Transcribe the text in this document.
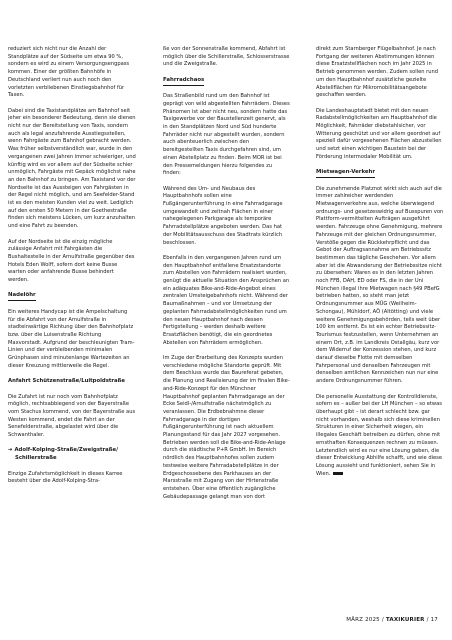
reduziert sich nicht nur die Anzahl der Standplätze auf der Südseite um etwa 90 %, sondern es wird zu einem Versorgungsengpass kommen. Einer der größten Bahnhöfe in Deutschland verliert nun auch noch den vorletzten verbliebenen Einstiegsbahnhof für Taxen.

Dabei sind die Taxistandplätze am Bahnhof seit jeher ein besonderer Bedeutung, denn sie dienen nicht nur der Bereitstellung von Taxis, sondern auch als legal anzufahrende Ausstiegsstellen, wenn Fahrgäste zum Bahnhof gebracht werden. Was früher selbstverständlich war, wurde in den vergangenen zwei Jahren immer schwieriger, und künftig wird es vor allem auf der Südseite schier unmöglich, Fahrgäste mit Gepäck möglichst nahe an den Bahnhof zu bringen. Am Taxistand vor der Nordseite ist das Aussteigen von Fahrgästen in der Regel nicht möglich, und am Seefelder-Stand ist es den meisten Kunden viel zu weit. Lediglich auf den ersten 50 Metern in der Goethestraße finden sich meistens Lücken, um kurz anzuhalten und eine Fahrt zu beenden.

Auf der Nordseite ist die einzig mögliche zulässige Anfahrt mit Fahrgästen die Bushaltestelle in der Arnulfstraße gegenüber des Hotels Eden Wolff, sofern dort keine Busse warten oder anfahrende Busse behindert werden.

Nadelöhr

Ein weiteres Handycap ist die Ampelschaltung für die Abfahrt von der Arnulfstraße in stadteinwärtige Richtung über den Bahnhofplatz bzw. über die Luisenstraße Richtung Maxvorstadt. Aufgrund der beschleunigten Tram-Linien und der verbleibenden minimalen Grünphasen sind minutenlange Wartezeiten an dieser Kreuzung mittlerweile die Regel.

Anfahrt Schützenstraße/Luitpoldstraße

Die Zufahrt ist nur noch vom Bahnhofplatz möglich, rechtsabbiegend von der Bayerstraße vom Stachus kommend, von der Bayerstraße aus Westen kommend, endet die Fahrt an der Senefelderstraße, abgelastet wird über die Schwanthaler.

➔ Adolf-Kolping-Straße/Zweigstraße/
Schillerstraße

Einzige Zufahrtsmöglichkeit in dieses Karree besteht über die Adolf-Kolping-Stra-

ße von der Sonnenstraße kommend, Abfahrt ist möglich über die Schillerstraße, Schlosserstrasse und die Zweigstraße.

Fahrradchaos

Das Straßenbild rund um den Bahnhof ist geprägt von wild abgestellten Fahrrädern. Dieses Phänomen ist aber nicht neu, sondern hatte das Taxigewerbe vor der Baustellenzeit genervt, als in den Standplätzen Nord und Süd hunderte Fahrräder nicht nur abgestellt wurden, sondern auch abenteuerlich zwischen den bereitgestellten Taxis durchgefahren sind, um einen Abstellplatz zu finden. Beim MOR ist bei den Pressemeldungen hierzu folgendes zu finden:

Während des Um- und Neubaus des Hauptbahnhofs sollen eine Fußgängerunterführung in eine Fahrradgarage umgewandelt und zeitnah Flächen in einer nahegelegenen Parkgarage als temporäre Fahrradstellplätze angeboten werden. Das hat der Mobilitätsausschuss des Stadtrats kürzlich beschlossen.

Ebenfalls in den vergangenen Jahren rund um den Hauptbahnhof entfallene Ersatzstandorte zum Abstellen von Fahrrädern realisiert wurden, genügt die aktuelle Situation den Ansprüchen an ein adäquates Bike-and-Ride-Angebot eines zentralen Umsteigebahnhofs nicht. Während der Baumaßnahmen – und vor Umsetzung der geplanten Fahrradabstellmöglichkeiten rund um den neuen Hauptbahnhof nach dessen Fertigstellung – werden deshalb weitere Ersatzflächen benötigt, die ein geordnetes Abstellen von Fahrrädern ermöglichen.

Im Zuge der Erarbeitung des Konzepts wurden verschiedene mögliche Standorte geprüft. Mit dem Beschluss wurde das Baureferat gebeten, die Planung und Realisierung der im finalen Bike-and-Ride-Konzept für den Münchner Hauptbahnhof geplanten Fahrradgarage an der Ecke Seidl-/Arnulfstraße nächstmöglich zu veranlassen. Die Erdbebnahmne dieser Fahrradgarage in der dortigen Fußgängerunterführung ist nach aktuellem Planungsstand für das Jahr 2027 vorgesehen. Betrieben werden soll die Bike-and-Ride-Anlage durch die städtische P+R GmbH. Im Bereich nördlich des Hauptbahnhofes sollen zudem testweise weitere Fahrradabstellplätze in der Erdgeschossebene des Parkhauses an der Marsstraße mit Zugang von der Hirtenstraße entstehen. Über eine öffentlich zugängliche Gebäudepassage gelangt man von dort

direkt zum Starnberger Flügelbahnhof. Je nach Fortgang der weiteren Abstimmungen können diese Ersatzstellflächen noch im Jahr 2025 in Betrieb genommen werden. Zudem sollen rund um den Hauptbahnhof zusätzliche gezielte Abstellflächen für Mikromobilitätsangebote geschaffen werden.

Die Landeshauptstadt bietet mit den neuen Radabstellmöglichkeiten am Hauptbahnhof die Möglichkeit, Fahrräder diebstahlsicher, vor Witterung geschützt und vor allem geordnet auf speziell dafür vorgesehenen Flächen abzustellen und setzt einen wichtigen Baustein bei der Förderung intermodaler Mobilität um.

Mietwagen-Verkehr

Die zunehmende Platznot wirkt sich auch auf die immer zahlreicher werdenden Mietwagenverkehre aus, welche überwiegend ordnungs- und gesetzeswidrig auf Busspuren von Plattform-vermittelten Aufträgen ausgeführt werden. Fahrzeuge ohne Genehmigung, mehrere Fahrzeuge mit der gleichen Ordnungsnummer, Verstöße gegen die Rückkehrpflicht und das Gebot der Auftragsannahme am Betriebssitz bestimmen das tägliche Geschehen. Vor allem aber ist die Abwanderung der Betriebssitze nicht zu übersehen: Waren es in den letzten Jahren noch FFB, DAH, ED oder FS, die in der Uni München illegal ihre Mietwagen nach §49 PBefG betrieben hatten, so steht man jetzt Ordnungsnummer aus MÜG (Weilheim-Schongau), Mühldorf, AÖ (Altötting) und viele weitere Genehmigungsbehörden, teils weit über 100 km entfernt. Es ist ein echter Betriebssitz-Tourismus festzustellen, wenn Unternehmen an einem Ort, z.B. im Landkreis Ostallgäu, kurz vor dem Widerruf der Konzession stehen, und kurz darauf dieselbe Flotte mit demselben Fahrpersonal und denselben Fahrzeugen mit denselben amtlichen Kennzeichen nun nur eine andere Ordnungsnummer führen.

Die personelle Ausstattung der Kontrolldienste, sofern es – außer bei der LH München – so etwas überhaupt gibt – ist derart schlecht bzw. gar nicht vorhanden, weshalb sich diese kriminellen Strukturen in einer Sicherheit wiegen, ein illegales Geschäft betreiben zu dürfen, ohne mit ernsthaften Konsequenzen rechnen zu müssen. Letztendlich wird es nur eine Lösung geben, die dieser Entwicklung Abhilfe schafft, und wie diese Lösung aussieht und funktioniert, sehen Sie in Wien.

MÄRZ 2025 / TAXIKURIER / 17
